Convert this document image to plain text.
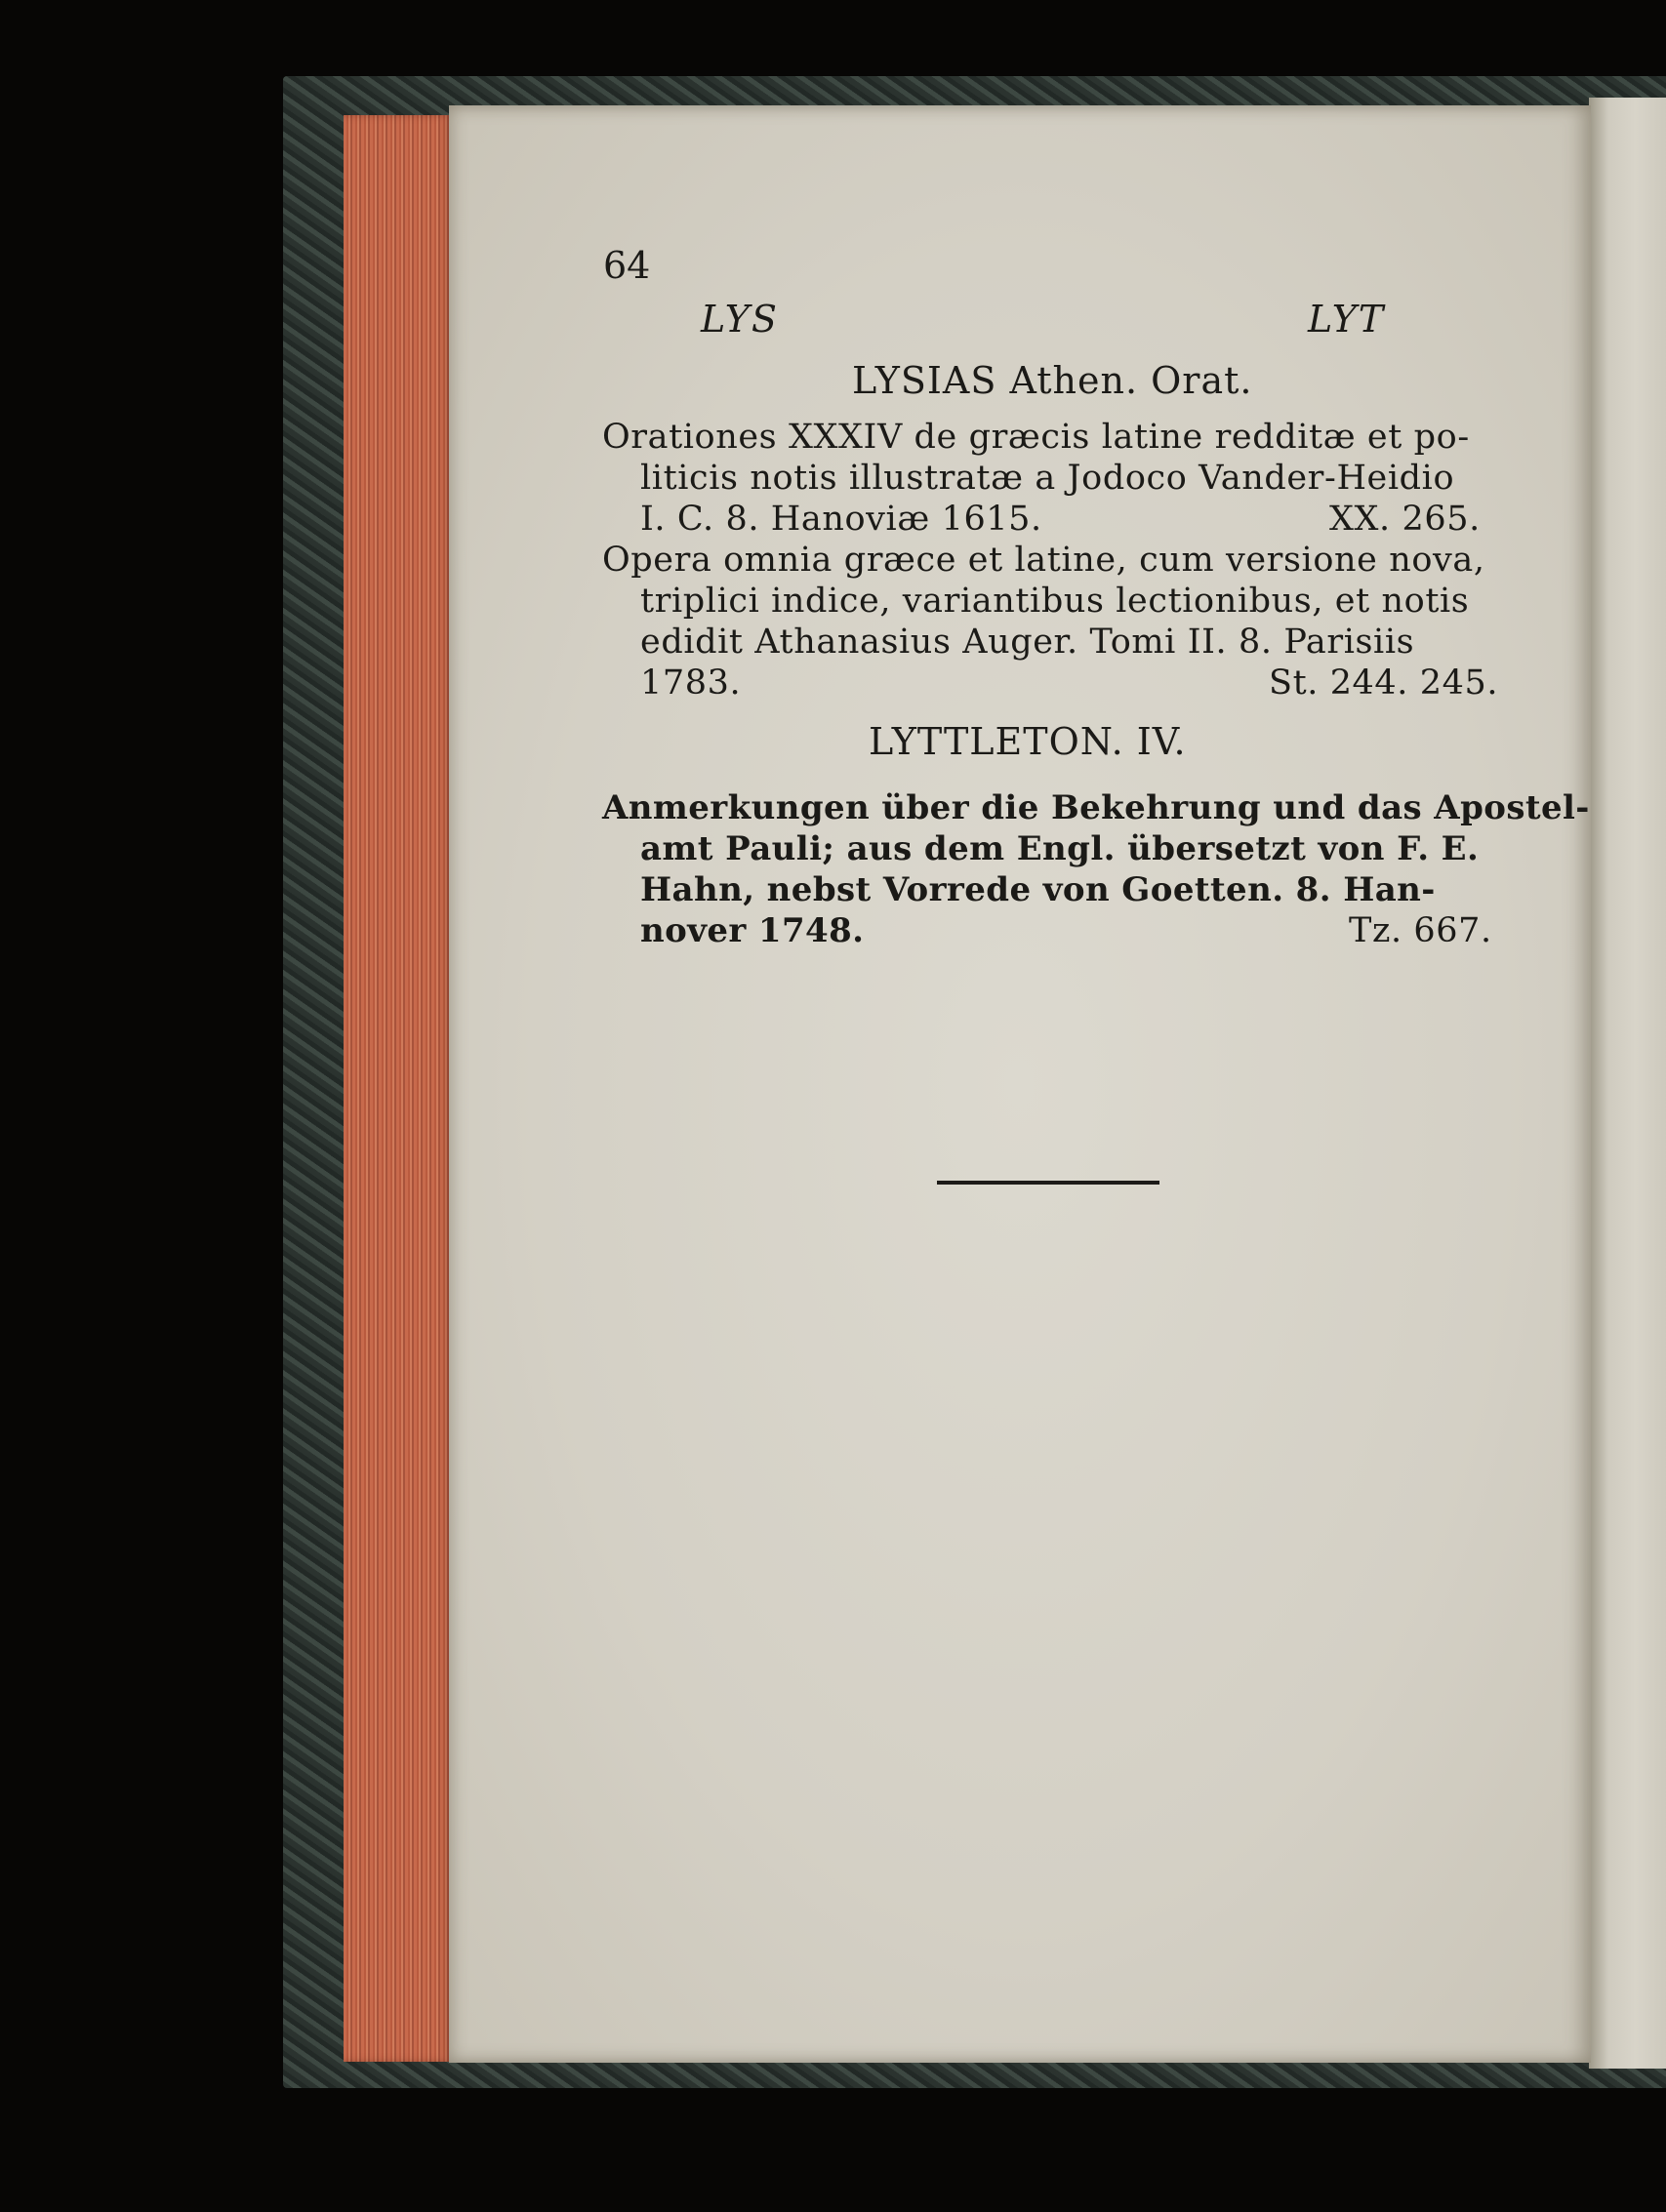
64
LYS	LYT
LYSIAS Athen. Orat.
Orationes XXXIV de græcis latine redditæ et po-
liticis notis illustratæ a Jodoco Vander-Heidio
I. C. 8. Hanoviæ 1615.	XX. 265.
Opera omnia græce et latine, cum versione nova,
triplici indice, variantibus lectionibus, et notis
edidit Athanasius Auger. Tomi II. 8. Parisiis
1783.	St. 244. 245.
LYTTLETON. IV.
Anmerkungen über die Bekehrung und das Apostel-
amt Pauli; aus dem Engl. übersetzt von F. E.
Hahn, nebst Vorrede von Goetten. 8. Han-
nover 1748.	Tz. 667.
